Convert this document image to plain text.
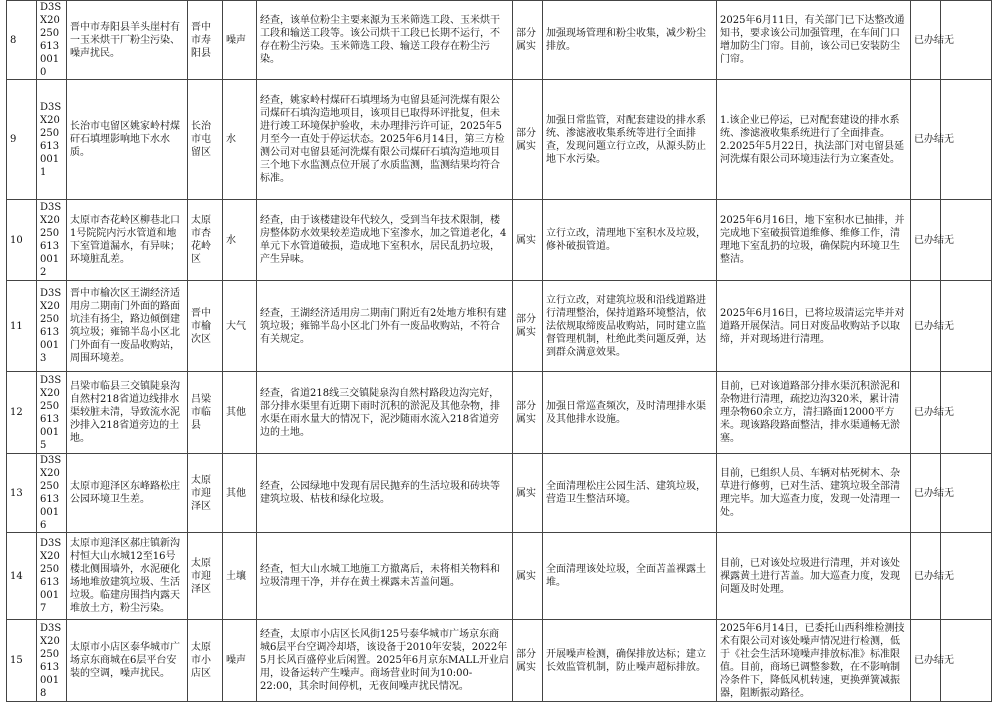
8	D3SX202506130010	晋中市寿阳县羊头崖村有一玉米烘干厂粉尘污染、噪声扰民。	晋中市寿阳县	噪声	经查，该单位粉尘主要来源为玉米筛选工段、玉米烘干工段和输送工段等。该公司烘干工段已长期不运行，不存在粉尘污染。玉米筛选工段、输送工段存在粉尘污染。	部分属实	加强现场管理和粉尘收集，减少粉尘排放。	2025年6月11日，有关部门已下达整改通知书，要求该公司加强管理，在车间门口增加防尘门帘。目前，该公司已安装防尘门帘。	已办结	无
9	D3SX202506130011	长治市屯留区姚家岭村煤矸石填埋影响地下水水质。	长治市屯留区	水	经查，姚家岭村煤矸石填埋场为屯留县延河洗煤有限公司煤矸石填沟造地项目，该项目已取得环评批复，但未进行竣工环境保护验收，未办理排污许可证，2025年5月至今一直处于停运状态。2025年6月14日，第三方检测公司对屯留县延河洗煤有限公司煤矸石填沟造地项目三个地下水监测点位开展了水质监测，监测结果均符合标准。	部分属实	加强日常监管，对配套建设的排水系统、渗滤液收集系统等进行全面排查，发现问题立行立改，从源头防止地下水污染。	1.该企业已停运，已对配套建设的排水系统、渗滤液收集系统进行了全面排查。2.2025年5月22日，执法部门对屯留县延河洗煤有限公司环境违法行为立案查处。	已办结	无
10	D3SX202506130012	太原市杏花岭区柳巷北口1号院院内污水管道和地下室管道漏水，有异味；环境脏乱差。	太原市杏花岭区	水	经查，由于该楼建设年代较久，受到当年技术限制，楼房整体防水效果较差造成地下室渗水，加之管道老化，4单元下水管道破损，造成地下室积水，居民乱扔垃圾，产生异味。	属实	立行立改，清理地下室积水及垃圾，修补破损管道。	2025年6月16日，地下室积水已抽排，并完成地下室破损管道维修、维修工作，清理地下室乱扔的垃圾，确保院内环境卫生整洁。	已办结	无
11	D3SX202506130013	晋中市榆次区王湖经济适用房二期南门外面的路面坑洼有扬尘，路边倾倒建筑垃圾；雍锦半岛小区北门外面有一废品收购站，周围环境差。	晋中市榆次区	大气	经查，王湖经济适用房二期南门附近有2处地方堆积有建筑垃圾；雍锦半岛小区北门外有一废品收购站，不符合有关规定。	部分属实	立行立改，对建筑垃圾和沿线道路进行清理整治，保持道路环境整洁，依法依规取缔废品收购站，同时建立监督管理机制，杜绝此类问题反弹，达到群众满意效果。	2025年6月16日，已将垃圾清运完毕并对道路开展保洁。同日对废品收购站予以取缔，并对现场进行清理。	已办结	无
12	D3SX202506130015	吕梁市临县三交镇陡泉沟自然村218省道边线排水渠较脏未清，导致流水泥沙排入218省道旁边的土地。	吕梁市临县	其他	经查，省道218线三交镇陡泉沟自然村路段边沟完好，部分排水渠里有近期下雨时沉积的淤泥及其他杂物，排水渠在雨水量大的情况下，泥沙随雨水流入218省道旁边的土地。	部分属实	加强日常巡查频次，及时清理排水渠及其他排水设施。	目前，已对该道路部分排水渠沉积淤泥和杂物进行清理，疏挖边沟320米，累计清理杂物60余立方，清扫路面12000平方米。现该路段路面整洁，排水渠通畅无淤塞。	已办结	无
13	D3SX202506130016	太原市迎泽区东峰路松庄公园环境卫生差。	太原市迎泽区	其他	经查，公园绿地中发现有居民抛弃的生活垃圾和砖块等建筑垃圾、枯枝和绿化垃圾。	属实	全面清理松庄公园生活、建筑垃圾，营造卫生整洁环境。	目前，已组织人员、车辆对枯死树木、杂草进行修剪，已对生活、建筑垃圾全部清理完毕。加大巡查力度，发现一处清理一处。	已办结	无
14	D3SX202506130017	太原市迎泽区郝庄镇新沟村恒大山水城12至16号楼北侧围墙外，水泥硬化场地堆放建筑垃圾、生活垃圾。临建房围挡内露天堆放土方，粉尘污染。	太原市迎泽区	土壤	经查，恒大山水城工地施工方撤离后，未将相关物料和垃圾清理干净，并存在黄土裸露未苫盖问题。	属实	全面清理该处垃圾，全面苫盖裸露土堆。	目前，已对该处垃圾进行清理，并对该处裸露黄土进行苫盖。加大巡查力度，发现问题及时处理。	已办结	无
15	D3SX202506130018	太原市小店区泰华城市广场京东商城在6层平台安装的空调，噪声扰民。	太原市小店区	噪声	经查，太原市小店区长风街125号泰华城市广场京东商城6层平台空调冷却塔，该设备于2010年安装，2022年5月长风百盛停业后闲置。2025年6月京东MALL开业启用，设备运转产生噪声。商场营业时间为10:00-22:00，其余时间停机，无夜间噪声扰民情况。	部分属实	开展噪声检测，确保排放达标；建立长效监管机制，防止噪声超标排放。	2025年6月14日，已委托山西科维检测技术有限公司对该处噪声情况进行检测，低于《社会生活环境噪声排放标准》标准限值。目前，商场已调整参数，在不影响制冷条件下，降低风机转速，更换弹簧减振器，阻断振动路径。	已办结	无
